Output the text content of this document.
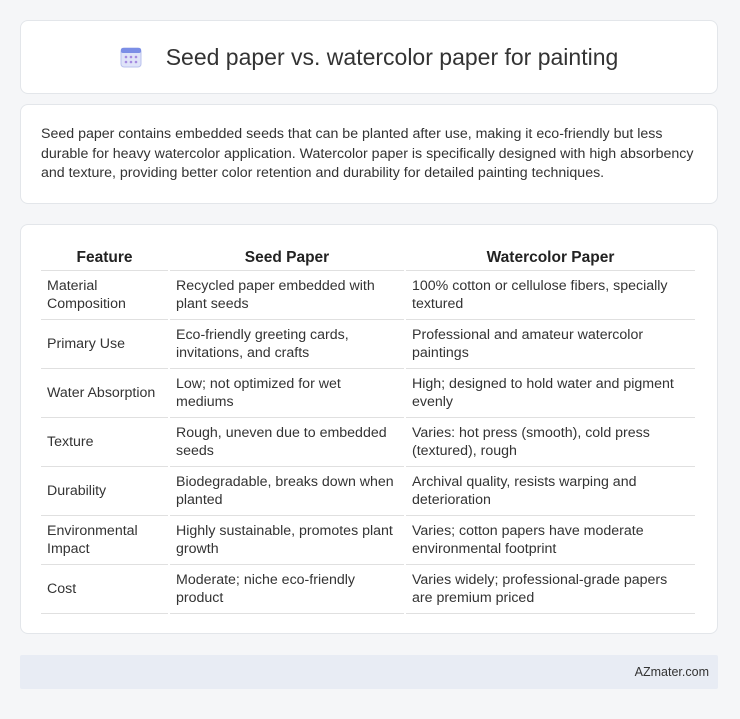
Seed paper vs. watercolor paper for painting

Seed paper contains embedded seeds that can be planted after use, making it eco-friendly but less durable for heavy watercolor application. Watercolor paper is specifically designed with high absorbency and texture, providing better color retention and durability for detailed painting techniques.

Feature	Seed Paper	Watercolor Paper
Material Composition	Recycled paper embedded with plant seeds	100% cotton or cellulose fibers, specially textured
Primary Use	Eco-friendly greeting cards, invitations, and crafts	Professional and amateur watercolor paintings
Water Absorption	Low; not optimized for wet mediums	High; designed to hold water and pigment evenly
Texture	Rough, uneven due to embedded seeds	Varies: hot press (smooth), cold press (textured), rough
Durability	Biodegradable, breaks down when planted	Archival quality, resists warping and deterioration
Environmental Impact	Highly sustainable, promotes plant growth	Varies; cotton papers have moderate environmental footprint
Cost	Moderate; niche eco-friendly product	Varies widely; professional-grade papers are premium priced
AZmater.com
